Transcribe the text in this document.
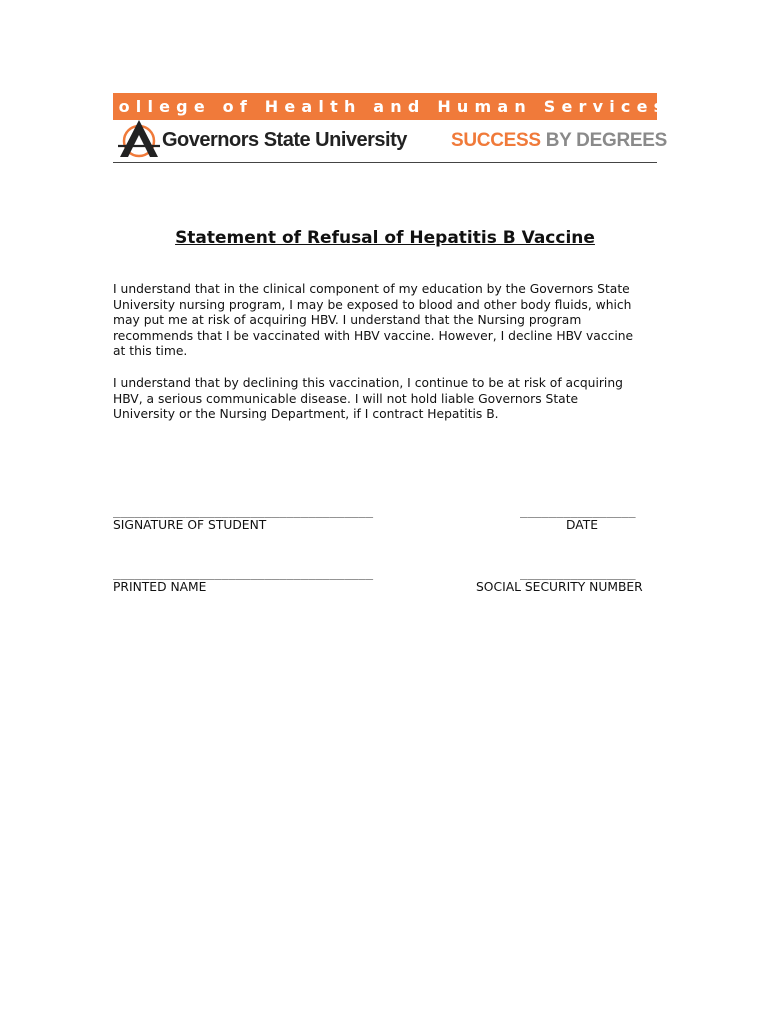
College of Health and Human Services
Governors State University SUCCESS BY DEGREES
Statement of Refusal of Hepatitis B Vaccine

I understand that in the clinical component of my education by the Governors State
University nursing program, I may be exposed to blood and other body fluids, which
may put me at risk of acquiring HBV. I understand that the Nursing program
recommends that I be vaccinated with HBV vaccine. However, I decline HBV vaccine
at this time.

I understand that by declining this vaccination, I continue to be at risk of acquiring
HBV, a serious communicable disease. I will not hold liable Governors State
University or the Nursing Department, if I contract Hepatitis B.

____________________________________	________________
SIGNATURE OF STUDENT	DATE
____________________________________	________________
PRINTED NAME	SOCIAL SECURITY NUMBER
